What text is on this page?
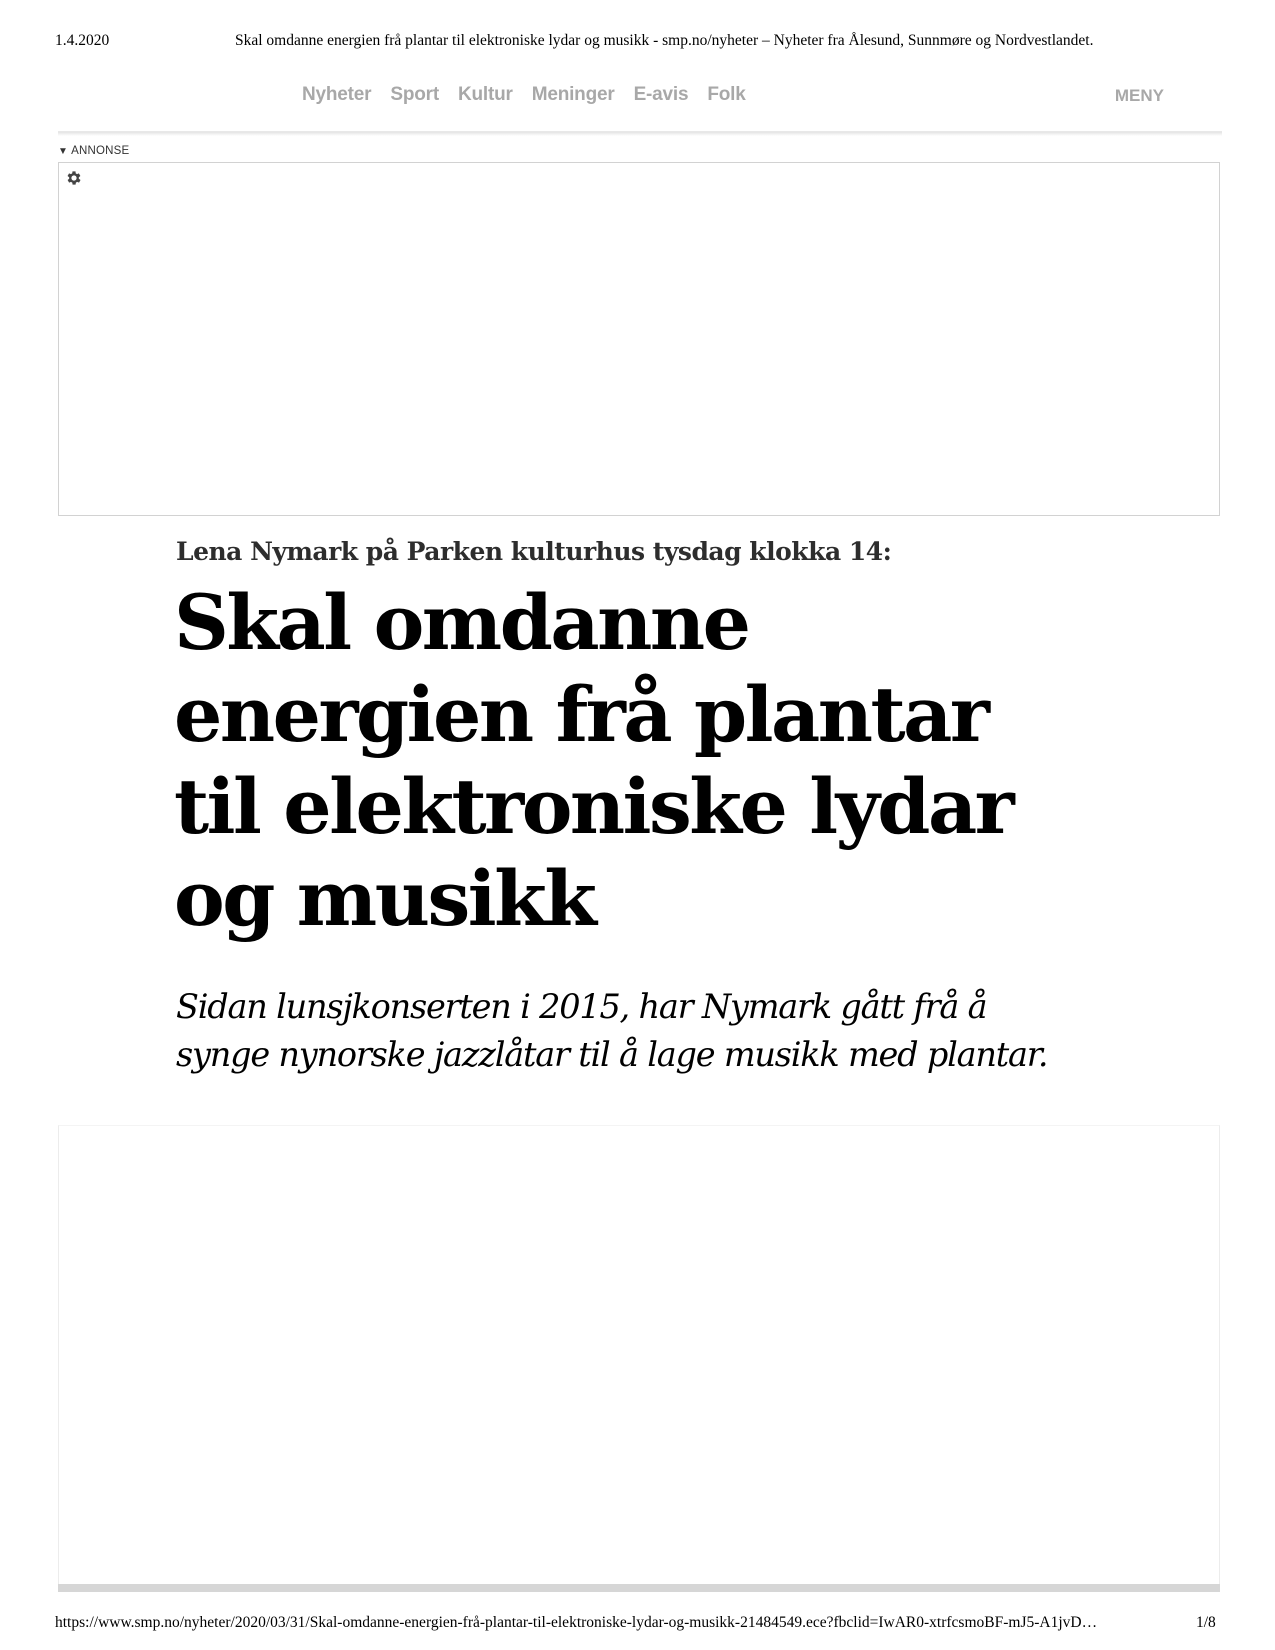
1.4.2020	Skal omdanne energien frå plantar til elektroniske lydar og musikk - smp.no/nyheter – Nyheter fra Ålesund, Sunnmøre og Nordvestlandet.
Nyheter Sport Kultur Meninger E-avis Folk	MENY
▼ ANNONSE
Lena Nymark på Parken kulturhus tysdag klokka 14:
Skal omdanne
energien frå plantar
til elektroniske lydar
og musikk

Sidan lunsjkonserten i 2015, har Nymark gått frå å
synge nynorske jazzlåtar til å lage musikk med plantar.

https://www.smp.no/nyheter/2020/03/31/Skal-omdanne-energien-frå-plantar-til-elektroniske-lydar-og-musikk-21484549.ece?fbclid=IwAR0-xtrfcsmoBF-mJ5-A1jvD…	1/8
